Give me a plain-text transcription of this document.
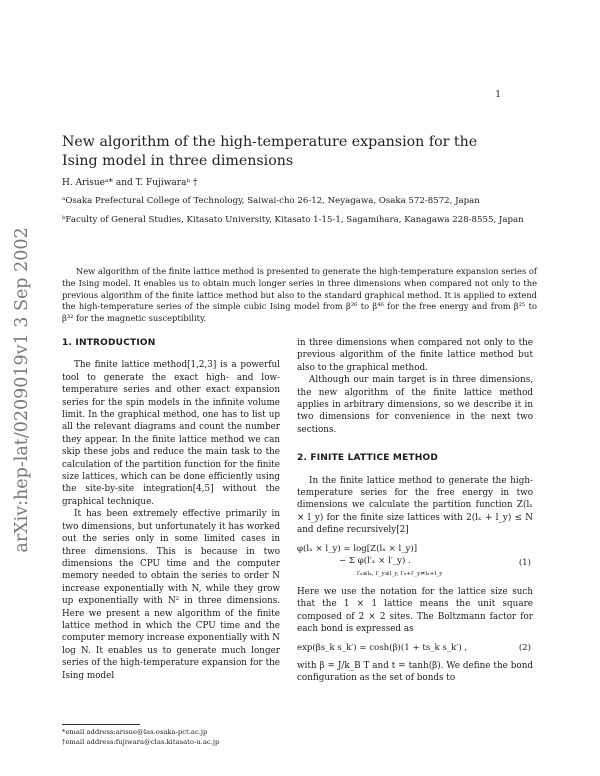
1
arXiv:hep-lat/0209019v1 3 Sep 2002
New algorithm of the high-temperature expansion for the Ising model in three dimensions
H. Arisueᵃ* and T. Fujiwaraᵇ †
ᵃOsaka Prefectural College of Technology, Saiwai-cho 26-12, Neyagawa, Osaka 572-8572, Japan
ᵇFaculty of General Studies, Kitasato University, Kitasato 1-15-1, Sagamihara, Kanagawa 228-8555, Japan
New algorithm of the finite lattice method is presented to generate the high-temperature expansion series of the Ising model. It enables us to obtain much longer series in three dimensions when compared not only to the previous algorithm of the finite lattice method but also to the standard graphical method. It is applied to extend the high-temperature series of the simple cubic Ising model from β²⁶ to β⁴⁶ for the free energy and from β²⁵ to β³² for the magnetic susceptibility.
1. INTRODUCTION

The finite lattice method[1,2,3] is a powerful tool to generate the exact high- and low-temperature series and other exact expansion series for the spin models in the infinite volume limit. In the graphical method, one has to list up all the relevant diagrams and count the number they appear. In the finite lattice method we can skip these jobs and reduce the main task to the calculation of the partition function for the finite size lattices, which can be done efficiently using the site-by-site integration[4,5] without the graphical technique.

It has been extremely effective primarily in two dimensions, but unfortunately it has worked out the series only in some limited cases in three dimensions. This is because in two dimensions the CPU time and the computer memory needed to obtain the series to order N increase exponentially with N, while they grow up exponentially with N² in three dimensions. Here we present a new algorithm of the finite lattice method in which the CPU time and the computer memory increase exponentially with N log N. It enables us to generate much longer series of the high-temperature expansion for the Ising model

in three dimensions when compared not only to the previous algorithm of the finite lattice method but also to the graphical method.

Although our main target is in three dimensions, the new algorithm of the finite lattice method applies in arbitrary dimensions, so we describe it in two dimensions for convenience in the next two sections.

2. FINITE LATTICE METHOD

In the finite lattice method to generate the high-temperature series for the free energy in two dimensions we calculate the partition function Z(lₓ × l_y) for the finite size lattices with 2(lₓ + l_y) ≤ N and define recursively[2]

φ(lₓ × l_y) = log[Z(lₓ × l_y)]
− Σ φ(l′ₓ × l′_y) .
l′ₓ≤lₓ, l′_y≤l_y, l′ₓ+l′_y≠lₓ+l_y
(1)

Here we use the notation for the lattice size such that the 1 × 1 lattice means the unit square composed of 2 × 2 sites. The Boltzmann factor for each bond is expressed as

exp(βs_k s_k′) = cosh(β)(1 + ts_k s_k′) ,	(2)

with β = J/k_B T and t = tanh(β). We define the bond configuration as the set of bonds to

*email address:arisue@las.osaka-pct.ac.jp
†email address:fujiwara@clas.kitasato-u.ac.jp
